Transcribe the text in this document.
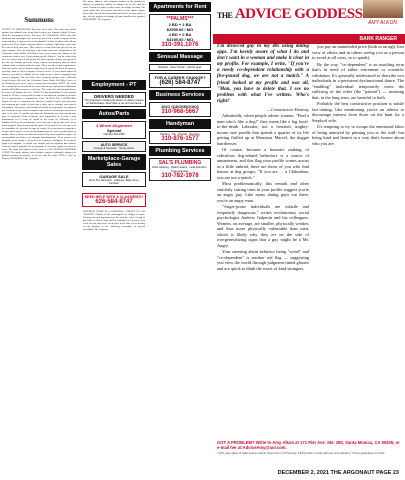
Summons
NOTICE TO DEFENDANT: You have been sued. The court may decide against you without your being heard unless you respond within 30 days. Read the information below. You have 30 CALENDAR DAYS after this summons and legal papers are served on you to file a written response at this court and have a copy served on the plaintiff. A letter or phone call will not protect you. Your written response must be in proper legal form if you want the court to hear your case. There may be a court form that you can use for your response. You can find these court forms and more information at the California Courts Online Self-Help Center, your county law library, or the courthouse nearest you. If you cannot pay the filing fee, ask the court clerk for a fee waiver form. If you do not file your response on time, you may lose the case by default, and your wages, money, and property may be taken without further warning from the court. There are other legal requirements. You may want to call an attorney right away. If you do not know an attorney, you may want to call an attorney referral service. If you cannot afford an attorney, you may be eligible for free legal services from a nonprofit legal services program. You can locate these nonprofit groups at the California Legal Services Web site, the California Courts Online Self-Help Center, or by contacting your local court or county bar association. NOTE: The court has a statutory lien for waived fees and costs on any settlement or arbitration award of $10,000 or more in a civil case. The court's lien must be paid before the court will dismiss the case. AVISO! Lo han demandado. Si no responde dentro de 30 dias, la corte puede decidir en su contra sin escuchar su version. Lea la informacion a continuacion. Tiene 30 DIAS DE CALENDARIO despues de que le entreguen esta citacion y papeles legales para presentar una respuesta por escrito en esta corte y hacer que se entregue una copia al demandante. Una carta o una llamada telefonica no lo protegen. Su respuesta por escrito tiene que estar en formato legal correcto si desea que procesen su caso en la corte. Es posible que haya un formulario que usted pueda usar para su respuesta. Puede encontrar estos formularios de la corte y mas informacion en el Centro de Ayuda de las Cortes de California, en la biblioteca de leyes de su condado o en la corte que le quede mas cerca. Si no puede pagar la cuota de presentacion, pida al secretario de la corte que le de un formulario de exencion de pago de cuotas. Si no presenta su respuesta a tiempo, puede perder el caso por incumplimiento y la corte le podra quitar su sueldo, dinero y bienes sin mas advertencia. Hay otros requisitos legales. Es recomendable que llame a un abogado inmediatamente. Si no conoce a un abogado, puede llamar a un servicio de remision a abogados. Si no puede pagar a un abogado, es posible que cumpla con los requisitos para obtener servicios legales gratuitos de un programa de servicios legales sin fines de lucro. The name and address of the court is: LOS ANGELES SUPERIOR COURT. The name, address, and telephone number of plaintiff's attorney, or plaintiff without an attorney, is on file with the court. DATE: Clerk, by Deputy. PUBLISHED: The Argonaut.
The name, address, and telephone number of the petitioner's attorney or petitioner without an attorney are on file with the court. Petition for order to show cause for change of name. The court orders that all persons interested in this matter appear before this court at the hearing indicated below to show cause, if any, why the petition for change of name should not be granted. PUBLISHED: The Argonaut.
Employment - PT
DRIVERS NEEDED
The Argonaut is looking for drivers to deliver papers on Wednesdays. Must have a car and insurance.
Autos/Parts
4 Wheel Alignment
Special
Call 310-391-1629
AUTO SERVICE
Foreign & Domestic · Smog Check
Marketplace-Garage Sales
GARAGE SALE
Sat & Sun 9am-4pm · Antiques, Baby items, furniture
NEED HELP WITH A CLASSIFIED?
626-584-8747
SUPERIOR COURT OF CALIFORNIA, COUNTY OF LOS ANGELES. Petition of the undersigned for change of name. Hearing date and department on file with the court. A copy of this Order to Show Cause shall be published at least once each week for four successive weeks prior to the date set for hearing on the petition in the following newspaper of general circulation: The Argonaut.
Apartments for Rent
**PALMS***
2 BD + 2 BA
$2595.00 / MO
4 BD + 2 BA
$4195.00 / MO
310-391.1076
Sensual Massage
Swedish · Deep Tissue · Call for appt.
FOR A CAREER CHANGE?
(626) 584-8747
Business Services
2021 QUICKBOOKS
310-968-5667
Handyman
Painting · Tile · Drywall · Plumbing
310-876-1577
Plumbing Services
SAL'S PLUMBING
Drain cleaning · Water heaters · Leak detection · Free estimates
310-782-1978
THE ADVICE GODDESS
AMY ALKON
BARK RANGER

I'm divorced guy in my 40s using dating apps. I'm keenly aware of what I do and don't want in a woman and make it clear in my profile. For example, I write, "If you're a needy co-dependent relationship with a five-pound dog, we are not a match." A friend looked at my profile and was all, "Man, you have to delete that. I see no problem with what I've written. Who's right?

—Constructive Honesty

Admittedly, when people advise women, "Find a man who's like a dog!" they mean like a big loyal-to-the-death Labrador, not a frenzied, mighty-mouse size poodle that spends a quarter of its life getting fluffed up at Monsieur Marcel, the doggie hairdresser.

Of course, because a human's ranking of ridiculous dog-related behaviors is a source of amusement, and this flag your profile comes across as a little unkind, there are those of you who find humor at dog groups, "If you are … a Chihuahua, you are not a match."

Most problematically, this remark and other similarly cutting ones in your profile suggest you're an angry guy. Like many dating guys out there, you're an angry man.

"Anger-prone individuals are volatile and frequently dangerous," writes evolutionary social psychologist Andrew Galperin and his colleagues. Women, on average, are smaller, physically weaker, and thus more physically vulnerable than men, which is likely why they err on the side of overgeneralizing signs that a guy might be a Mr. Angry.

Your sneering about behavior being "weird" and "co-dependent" is another red flag — suggesting you view the world through judgment-tinted glasses and are quick to think the worst of kind strangers.

you pay an unintended price (both in an ugly first view of others and in others seeing you as a person to avoid at all costs, so to speak).

By the way, "co-dependent" is an insulting term that's in need of either retirement or scientific validation. It's generally understood to describe two individuals in a persistent dysfunctional dance. The "enabling" individual temporarily eases the suffering of the other (the "patient") — meaning that, in the long term, are harmful to both.

Probably the best constructive position is subtle fact-stating, like mentioning you're an atheist to discourage interest from those on the hunt for a Stepford wife.

It's tempting to try to escape the emotional labor of being annoyed by pinning you to the wall; but being kind and honest in a way that's honest about who you are.

GOT A PROBLEM? Write to Amy Alkon at 171 Pier Ave. Ste. 280, Santa Monica, CA 90405, or e-mail her at AdviceAmy@aol.com.
©2021, Amy Alkon, all rights reserved. Alkon's latest book is "Unf*ckology: A Field Guide to Living with Guts and Confidence." Follow @amyalkon on Twitter.
DECEMBER 2, 2021 THE ARGONAUT PAGE 23
